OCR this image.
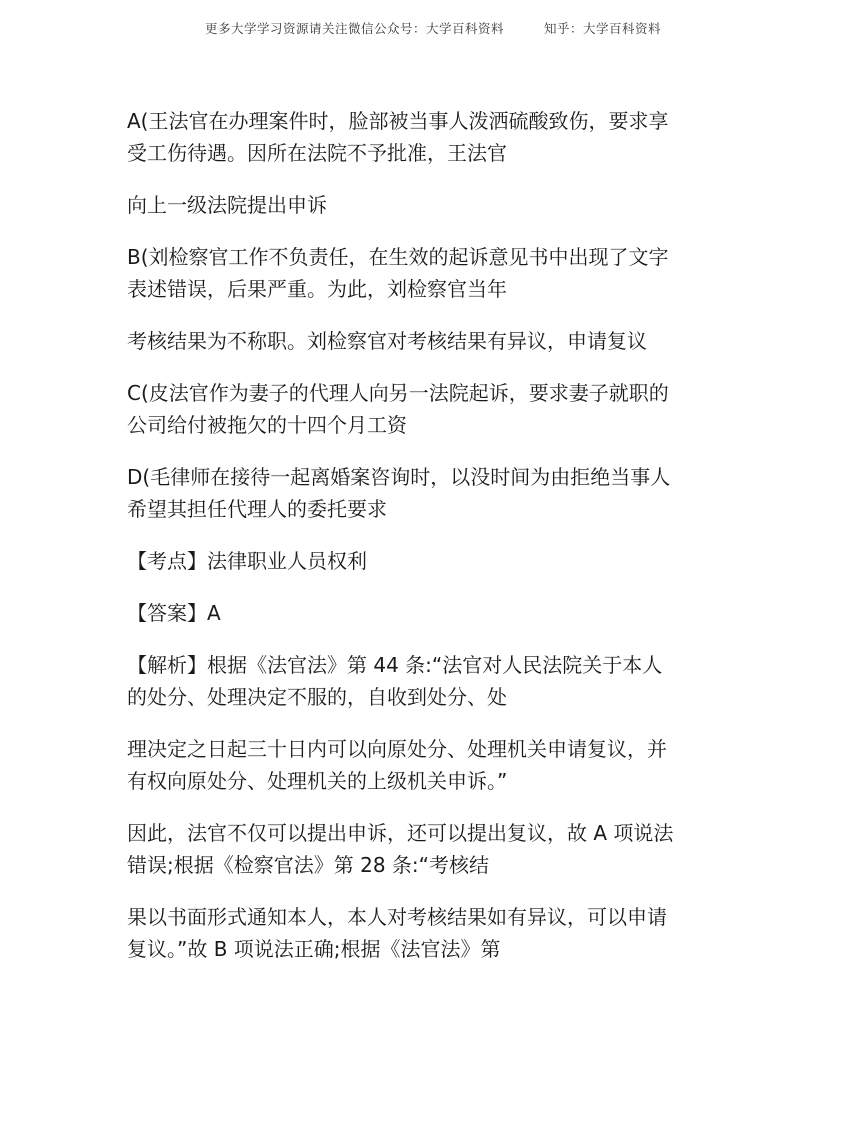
更多大学学习资源请关注微信公众号：大学百科资料	知乎：大学百科资料

A(王法官在办理案件时，脸部被当事人泼洒硫酸致伤，要求享
受工伤待遇。因所在法院不予批准，王法官

向上一级法院提出申诉

B(刘检察官工作不负责任，在生效的起诉意见书中出现了文字
表述错误，后果严重。为此，刘检察官当年

考核结果为不称职。刘检察官对考核结果有异议，申请复议

C(皮法官作为妻子的代理人向另一法院起诉，要求妻子就职的
公司给付被拖欠的十四个月工资

D(毛律师在接待一起离婚案咨询时，以没时间为由拒绝当事人
希望其担任代理人的委托要求

【考点】法律职业人员权利

【答案】A

【解析】根据《法官法》第 44 条:“法官对人民法院关于本人
的处分、处理决定不服的，自收到处分、处

理决定之日起三十日内可以向原处分、处理机关申请复议，并
有权向原处分、处理机关的上级机关申诉。”

因此，法官不仅可以提出申诉，还可以提出复议，故 A 项说法
错误;根据《检察官法》第 28 条:“考核结

果以书面形式通知本人，本人对考核结果如有异议，可以申请
复议。”故 B 项说法正确;根据《法官法》第
